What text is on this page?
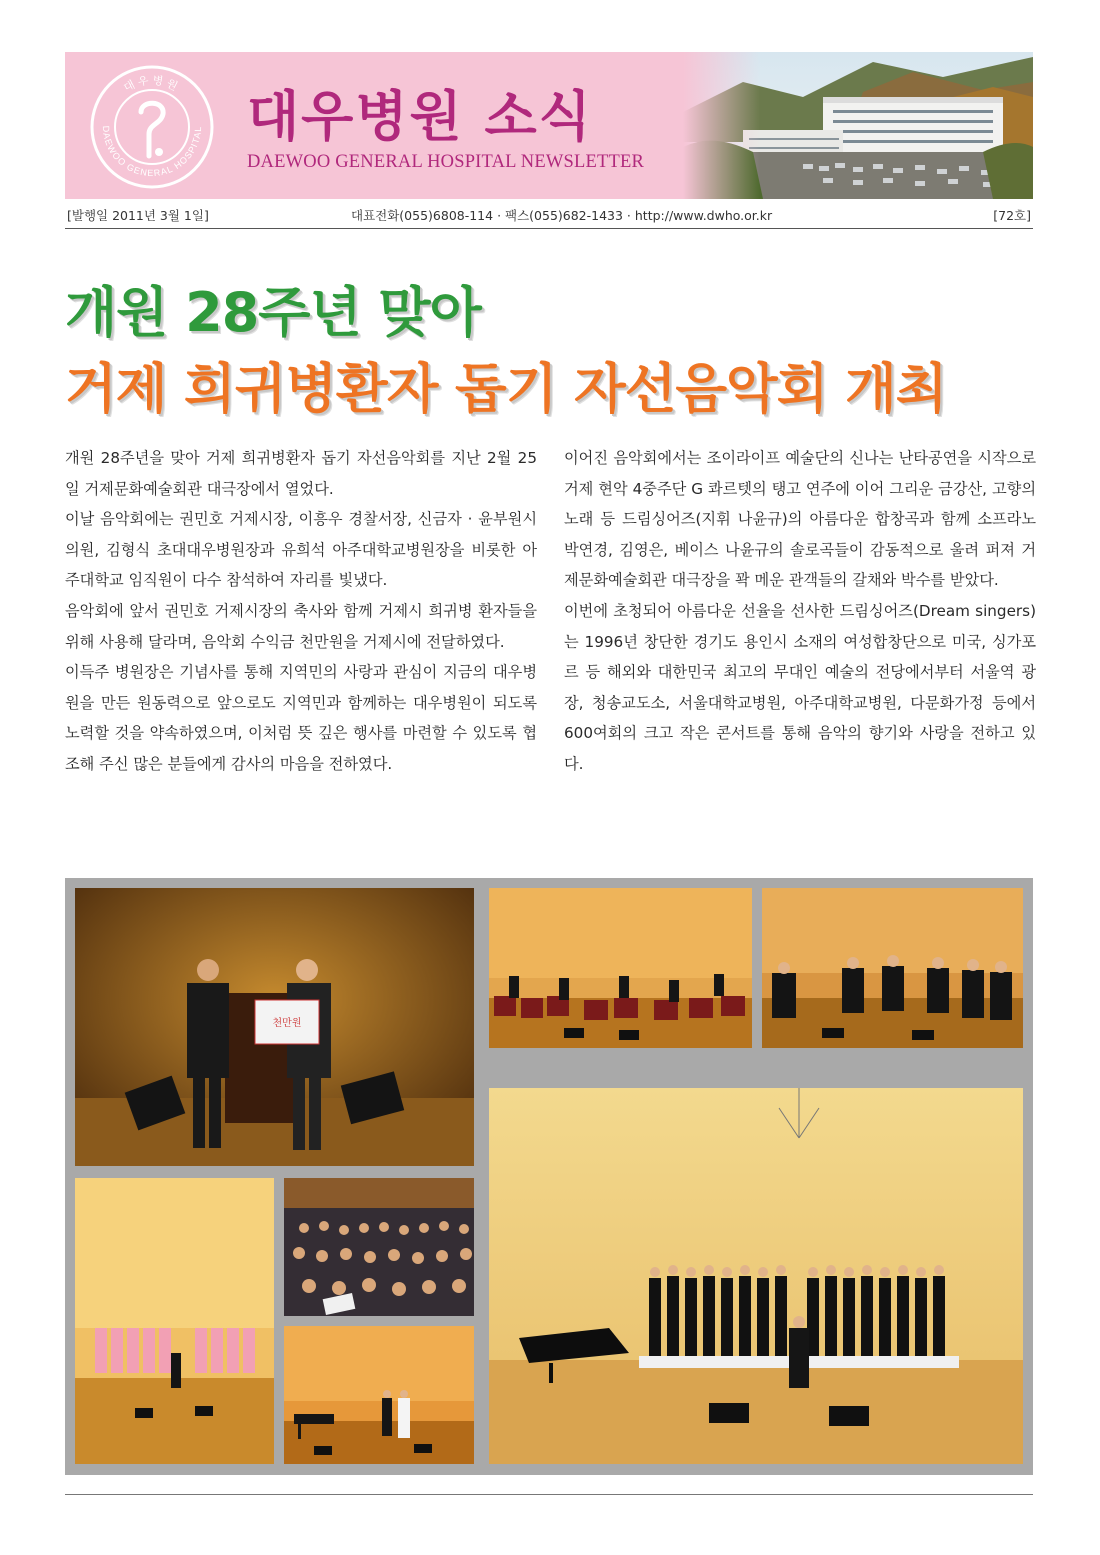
대우병원
DAEWOO GENERAL HOSPITAL 대우병원 소식
DAEWOO GENERAL HOSPITAL NEWSLETTER
[발행일 2011년 3월 1일]	대표전화(055)6808-114 · 팩스(055)682-1433 · http://www.dwho.or.kr	[72호]
개원 28주년 맞아
거제 희귀병환자 돕기 자선음악회 개최

개원 28주년을 맞아 거제 희귀병환자 돕기 자선음악회를 지난 2월 25일 거제문화예술회관 대극장에서 열었다.

이날 음악회에는 권민호 거제시장, 이흥우 경찰서장, 신금자 · 윤부원시의원, 김형식 초대대우병원장과 유희석 아주대학교병원장을 비롯한 아주대학교 임직원이 다수 참석하여 자리를 빛냈다.

음악회에 앞서 권민호 거제시장의 축사와 함께 거제시 희귀병 환자들을 위해 사용해 달라며, 음악회 수익금 천만원을 거제시에 전달하였다.

이득주 병원장은 기념사를 통해 지역민의 사랑과 관심이 지금의 대우병원을 만든 원동력으로 앞으로도 지역민과 함께하는 대우병원이 되도록 노력할 것을 약속하였으며, 이처럼 뜻 깊은 행사를 마련할 수 있도록 협조해 주신 많은 분들에게 감사의 마음을 전하였다.

이어진 음악회에서는 조이라이프 예술단의 신나는 난타공연을 시작으로 거제 현악 4중주단 G 콰르텟의 탱고 연주에 이어 그리운 금강산, 고향의 노래 등 드림싱어즈(지휘 나윤규)의 아름다운 합창곡과 함께 소프라노 박연경, 김영은, 베이스 나윤규의 솔로곡들이 감동적으로 울려 퍼져 거제문화예술회관 대극장을 꽉 메운 관객들의 갈채와 박수를 받았다.

이번에 초청되어 아름다운 선율을 선사한 드림싱어즈(Dream singers)는 1996년 창단한 경기도 용인시 소재의 여성합창단으로 미국, 싱가포르 등 해외와 대한민국 최고의 무대인 예술의 전당에서부터 서울역 광장, 청송교도소, 서울대학교병원, 아주대학교병원, 다문화가정 등에서 600여회의 크고 작은 콘서트를 통해 음악의 향기와 사랑을 전하고 있다.

천만원
